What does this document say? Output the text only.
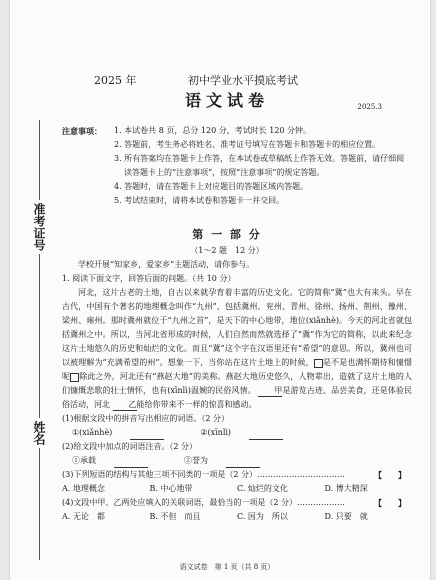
准考证号
姓名
2025 年	初中学业水平摸底考试
语文试卷	2025.3
注意事项：	1. 本试卷共 8 页，总分 120 分，考试时长 120 分钟。
2. 答题前，考生务必将姓名、准考证号填写在答题卡和答题卡的相应位置。
3. 所有答案均在答题卡上作答，在本试卷或草稿纸上作答无效。答题前，请仔细阅读答题卡上的“注意事项”，按照“注意事项”的规定答题。
4. 答题时，请在答题卡上对应题目的答题区域内答题。
5. 考试结束时，请将本试卷和答题卡一并交回。
第 一 部 分
（1～2 题　12 分）
学校开展“知家乡，爱家乡”主题活动，请你参与。
1. 阅读下面文字，回答后面的问题。（共 10 分）
河北，这片古老的土地，自古以来就孕育着丰富的历史文化。它的简称“冀”也大有来头。早在古代，中国有个著名的地理概念叫作“九州”，包括冀州、兖州、青州、徐州、扬州、荆州、豫州、梁州、雍州。那时冀州就位于“九州之首”，是天下的中心地带，地位(xiǎnhè)。今天的河北省就包括冀州之中。所以，当河北省形成的时候，人们自然而然就选择了“冀”作为它的简称，以此来纪念这片土地悠久的历史和灿烂的文化。而且“冀”这个字在汉语里还有“希望”的意思。所以，冀州也可以被理解为“充满希望的州”。想象一下，当你站在这片土地上的时候， 是不是也满怀期待和憧憬呢 除此之外，河北还有“燕赵大地”的美称。燕赵大地历史悠久，人物辈出，造就了这片土地的人们慷慨悲歌的壮士情怀，也有(xīnlì)温婉的民俗风情。 甲是游览古迹、品尝美食，还是体验民俗活动，河北 乙能给你带来不一样的惊喜和感动。
(1)根据文段中的拼音写出相应的词语。（2 分）
①(xiǎnhè)	②(xīnlì)
(2)给文段中加点的词语注音。（2 分）
①承载	②誉为
【　　】
(3)下列短语的结构与其他三项不同类的一项是（2 分）……………………………
A. 地理概念	B. 中心地带	C. 灿烂的文化	D. 博大精深
【　　】
(4)文段中甲、乙两处应填入的关联词语，最恰当的一项是（2 分）………………
A. 无论　都	B. 不但　而且	C. 因为　所以	D. 只要　就
语文试卷　第 1 页（共 8 页）
